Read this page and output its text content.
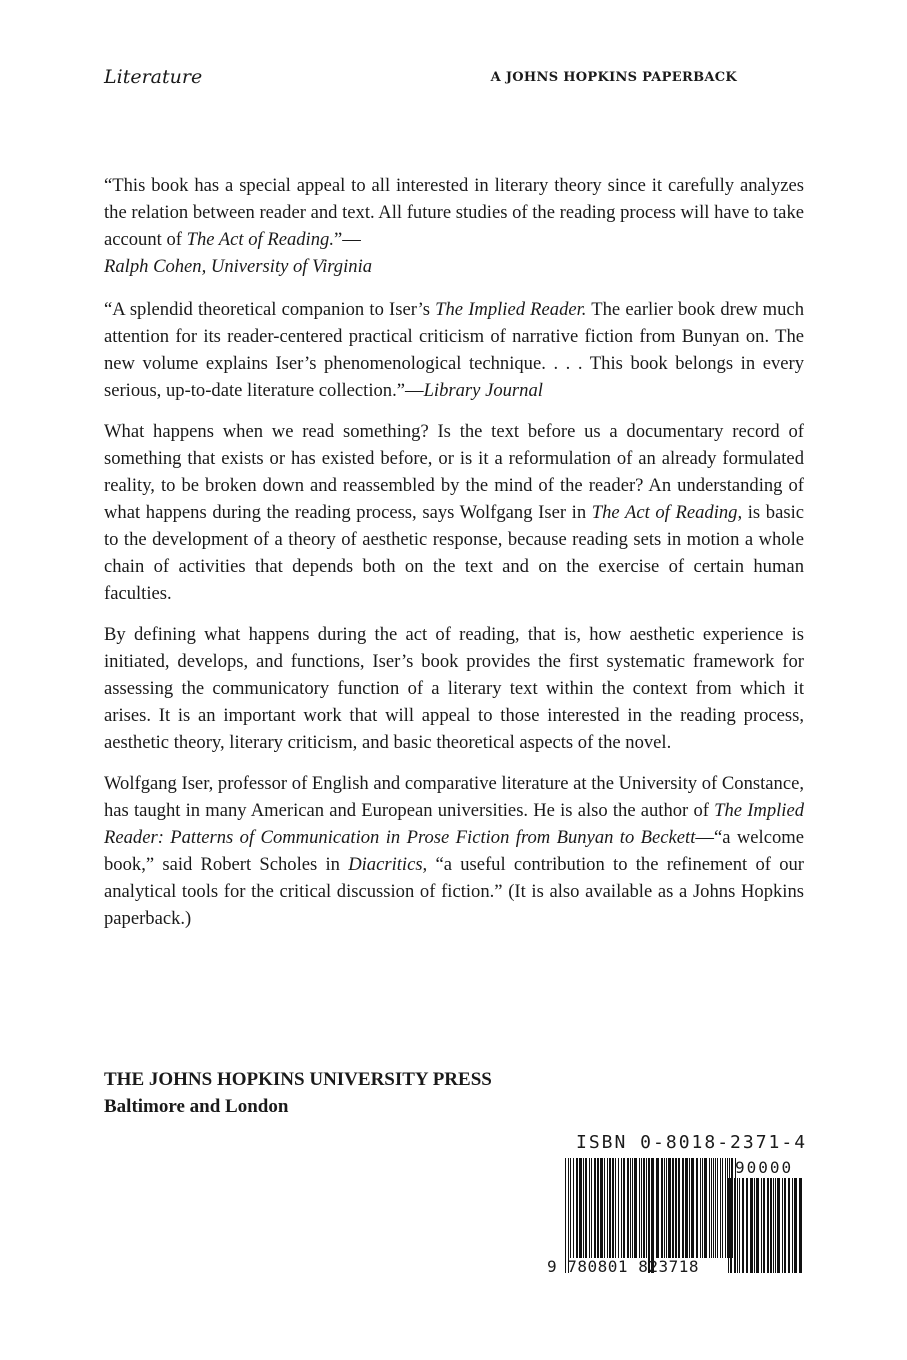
Literature	A JOHNS HOPKINS PAPERBACK

“This book has a special appeal to all interested in literary theory since it carefully analyzes the relation between reader and text. All future studies of the reading process will have to take account of The Act of Reading.”—
Ralph Cohen, University of Virginia

“A splendid theoretical companion to Iser’s The Implied Reader. The earlier book drew much attention for its reader-centered practical criticism of narrative fiction from Bunyan on. The new volume explains Iser’s phenomenological technique. . . . This book belongs in every serious, up-to-date literature collection.”—Library Journal

What happens when we read something? Is the text before us a documentary record of something that exists or has existed before, or is it a reformulation of an already formulated reality, to be broken down and reassembled by the mind of the reader? An understanding of what happens during the reading process, says Wolfgang Iser in The Act of Reading, is basic to the development of a theory of aesthetic response, because reading sets in motion a whole chain of activities that depends both on the text and on the exercise of certain human faculties.

By defining what happens during the act of reading, that is, how aesthetic experience is initiated, develops, and functions, Iser’s book provides the first systematic framework for assessing the communicatory function of a literary text within the context from which it arises. It is an important work that will appeal to those interested in the reading process, aesthetic theory, literary criticism, and basic theoretical aspects of the novel.

Wolfgang Iser, professor of English and comparative literature at the University of Constance, has taught in many American and European universities. He is also the author of The Implied Reader: Patterns of Communication in Prose Fiction from Bunyan to Beckett—“a welcome book,” said Robert Scholes in Diacritics, “a useful contribution to the refinement of our analytical tools for the critical discussion of fiction.” (It is also available as a Johns Hopkins paperback.)

THE JOHNS HOPKINS UNIVERSITY PRESS
Baltimore and London
ISBN 0-8018-2371-4
9 780801 823718
90000
